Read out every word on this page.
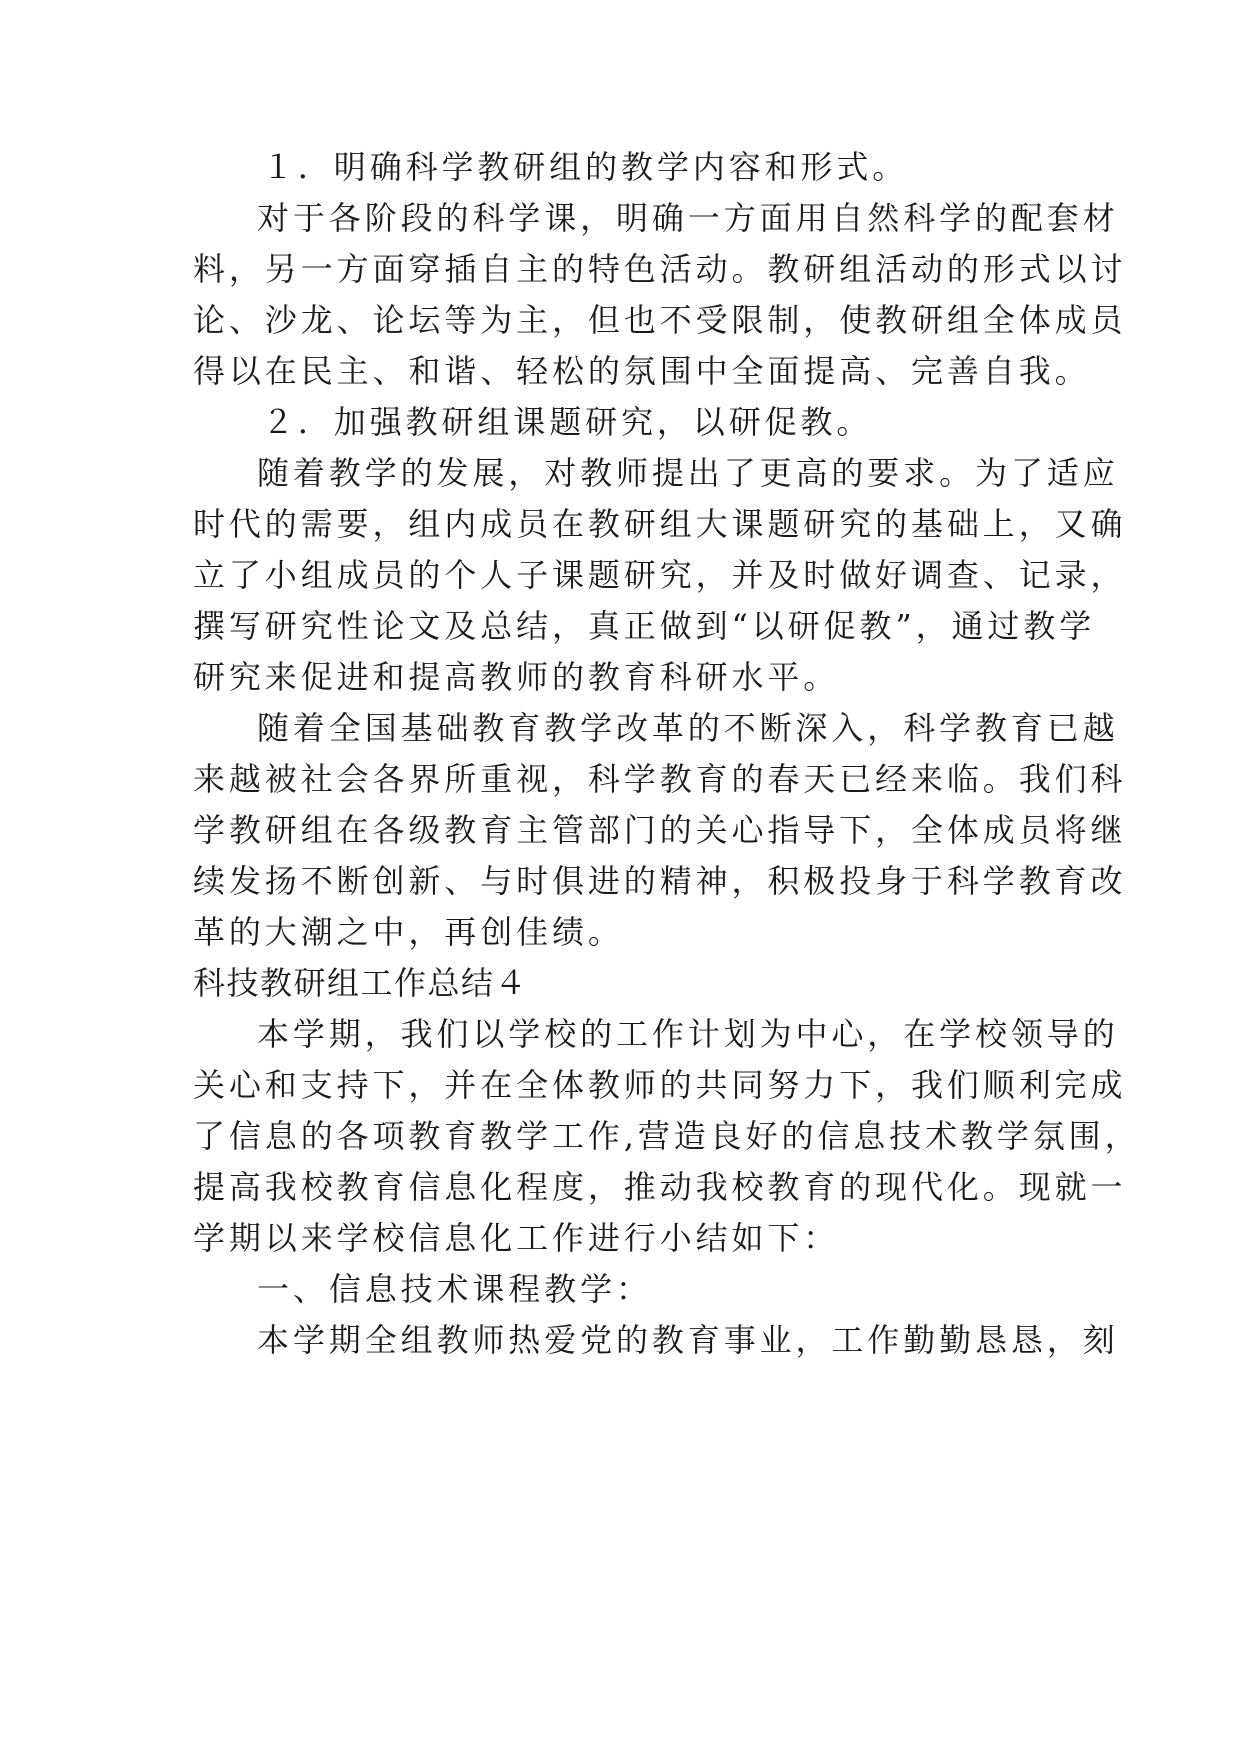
１．明确科学教研组的教学内容和形式。
对于各阶段的科学课，明确一方面用自然科学的配套材
料，另一方面穿插自主的特色活动。教研组活动的形式以讨
论、沙龙、论坛等为主，但也不受限制，使教研组全体成员
得以在民主、和谐、轻松的氛围中全面提高、完善自我。
２．加强教研组课题研究，以研促教。
随着教学的发展，对教师提出了更高的要求。为了适应
时代的需要，组内成员在教研组大课题研究的基础上，又确
立了小组成员的个人子课题研究，并及时做好调查、记录，
撰写研究性论文及总结，真正做到“以研促教”，通过教学
研究来促进和提高教师的教育科研水平。
随着全国基础教育教学改革的不断深入，科学教育已越
来越被社会各界所重视，科学教育的春天已经来临。我们科
学教研组在各级教育主管部门的关心指导下，全体成员将继
续发扬不断创新、与时俱进的精神，积极投身于科学教育改
革的大潮之中，再创佳绩。
科技教研组工作总结４
本学期，我们以学校的工作计划为中心，在学校领导的
关心和支持下，并在全体教师的共同努力下，我们顺利完成
了信息的各项教育教学工作,营造良好的信息技术教学氛围，
提高我校教育信息化程度，推动我校教育的现代化。现就一
学期以来学校信息化工作进行小结如下：
一、信息技术课程教学：
本学期全组教师热爱党的教育事业，工作勤勤恳恳，刻
